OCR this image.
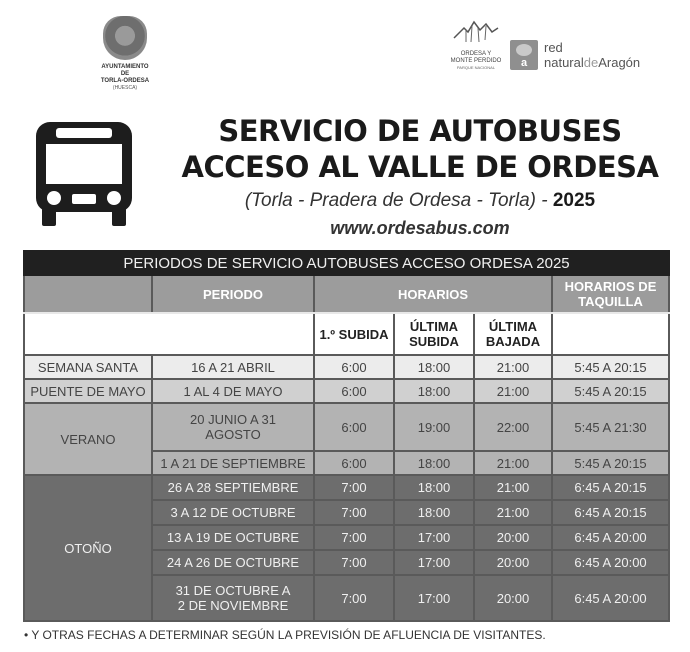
AYUNTAMIENTO
DE
TORLA-ORDESA
(HUESCA)
ORDESA Y
MONTE PERDIDO
PARQUE NACIONAL	a
red
naturaldeAragón
SERVICIO DE AUTOBUSES
ACCESO AL VALLE DE ORDESA
(Torla - Pradera de Ordesa - Torla) - 2025
www.ordesabus.com
PERIODOS DE SERVICIO AUTOBUSES ACCESO ORDESA 2025					
	PERIODO	HORARIOS			HORARIOS DE TAQUILLA
		1.º SUBIDA	ÚLTIMA SUBIDA	ÚLTIMA BAJADA	
SEMANA SANTA	16 A 21 ABRIL	6:00	18:00	21:00	5:45 A 20:15
PUENTE DE MAYO	1 AL 4 DE MAYO	6:00	18:00	21:00	5:45 A 20:15
VERANO	20 JUNIO A 31 AGOSTO	6:00	19:00	22:00	5:45 A 21:30
	1 A 21 DE SEPTIEMBRE	6:00	18:00	21:00	5:45 A 20:15
OTOÑO	26 A 28 SEPTIEMBRE	7:00	18:00	21:00	6:45 A 20:15
	3 A 12 DE OCTUBRE	7:00	18:00	21:00	6:45 A 20:15
	13 A 19 DE OCTUBRE	7:00	17:00	20:00	6:45 A 20:00
	24 A 26 DE OCTUBRE	7:00	17:00	20:00	6:45 A 20:00
	31 DE OCTUBRE A 2 DE NOVIEMBRE	7:00	17:00	20:00	6:45 A 20:00
• Y OTRAS FECHAS A DETERMINAR SEGÚN LA PREVISIÓN DE AFLUENCIA DE VISITANTES.
